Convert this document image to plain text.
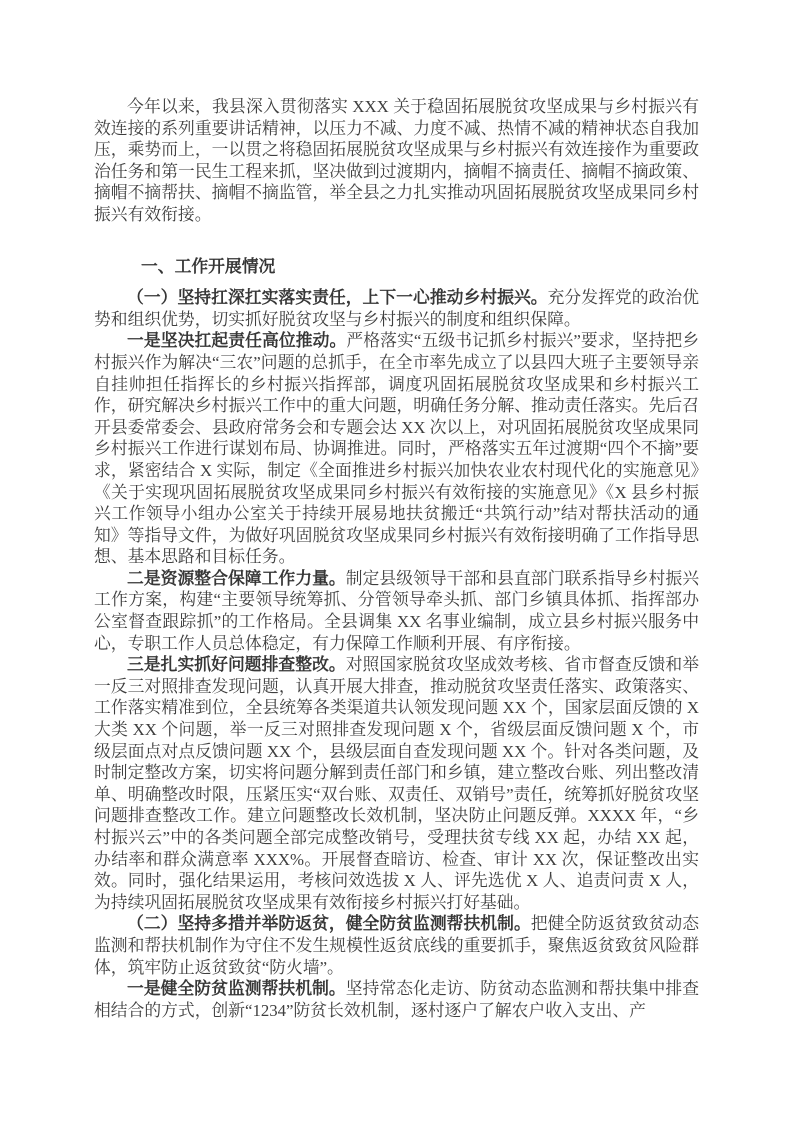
今年以来，我县深入贯彻落实 XXX 关于稳固拓展脱贫攻坚成果与乡村振兴有效连接的系列重要讲话精神，以压力不减、力度不减、热情不减的精神状态自我加压，乘势而上，一以贯之将稳固拓展脱贫攻坚成果与乡村振兴有效连接作为重要政治任务和第一民生工程来抓，坚决做到过渡期内，摘帽不摘责任、摘帽不摘政策、摘帽不摘帮扶、摘帽不摘监管，举全县之力扎实推动巩固拓展脱贫攻坚成果同乡村振兴有效衔接。

一、工作开展情况

（一）坚持扛深扛实落实责任，上下一心推动乡村振兴。充分发挥党的政治优势和组织优势，切实抓好脱贫攻坚与乡村振兴的制度和组织保障。

一是坚决扛起责任高位推动。严格落实“五级书记抓乡村振兴”要求，坚持把乡村振兴作为解决“三农”问题的总抓手，在全市率先成立了以县四大班子主要领导亲自挂帅担任指挥长的乡村振兴指挥部，调度巩固拓展脱贫攻坚成果和乡村振兴工作，研究解决乡村振兴工作中的重大问题，明确任务分解、推动责任落实。先后召开县委常委会、县政府常务会和专题会达 XX 次以上，对巩固拓展脱贫攻坚成果同乡村振兴工作进行谋划布局、协调推进。同时，严格落实五年过渡期“四个不摘”要求，紧密结合 X 实际，制定《全面推进乡村振兴加快农业农村现代化的实施意见》《关于实现巩固拓展脱贫攻坚成果同乡村振兴有效衔接的实施意见》《X 县乡村振兴工作领导小组办公室关于持续开展易地扶贫搬迁“共筑行动”结对帮扶活动的通知》等指导文件，为做好巩固脱贫攻坚成果同乡村振兴有效衔接明确了工作指导思想、基本思路和目标任务。

二是资源整合保障工作力量。制定县级领导干部和县直部门联系指导乡村振兴工作方案，构建“主要领导统筹抓、分管领导牵头抓、部门乡镇具体抓、指挥部办公室督查跟踪抓”的工作格局。全县调集 XX 名事业编制，成立县乡村振兴服务中心，专职工作人员总体稳定，有力保障工作顺利开展、有序衔接。

三是扎实抓好问题排查整改。对照国家脱贫攻坚成效考核、省市督查反馈和举一反三对照排查发现问题，认真开展大排查，推动脱贫攻坚责任落实、政策落实、工作落实精准到位，全县统筹各类渠道共认领发现问题 XX 个，国家层面反馈的 X 大类 XX 个问题，举一反三对照排查发现问题 X 个，省级层面反馈问题 X 个，市级层面点对点反馈问题 XX 个，县级层面自查发现问题 XX 个。针对各类问题，及时制定整改方案，切实将问题分解到责任部门和乡镇，建立整改台账、列出整改清单、明确整改时限，压紧压实“双台账、双责任、双销号”责任，统筹抓好脱贫攻坚问题排查整改工作。建立问题整改长效机制，坚决防止问题反弹。XXXX 年，“乡村振兴云”中的各类问题全部完成整改销号，受理扶贫专线 XX 起，办结 XX 起，办结率和群众满意率 XXX%。开展督查暗访、检查、审计 XX 次，保证整改出实效。同时，强化结果运用，考核问效选拔 X 人、评先选优 X 人、追责问责 X 人，为持续巩固拓展脱贫攻坚成果有效衔接乡村振兴打好基础。

（二）坚持多措并举防返贫，健全防贫监测帮扶机制。把健全防返贫致贫动态监测和帮扶机制作为守住不发生规模性返贫底线的重要抓手，聚焦返贫致贫风险群体，筑牢防止返贫致贫“防火墙”。

一是健全防贫监测帮扶机制。坚持常态化走访、防贫动态监测和帮扶集中排查相结合的方式，创新“1234”防贫长效机制，逐村逐户了解农户收入支出、产
